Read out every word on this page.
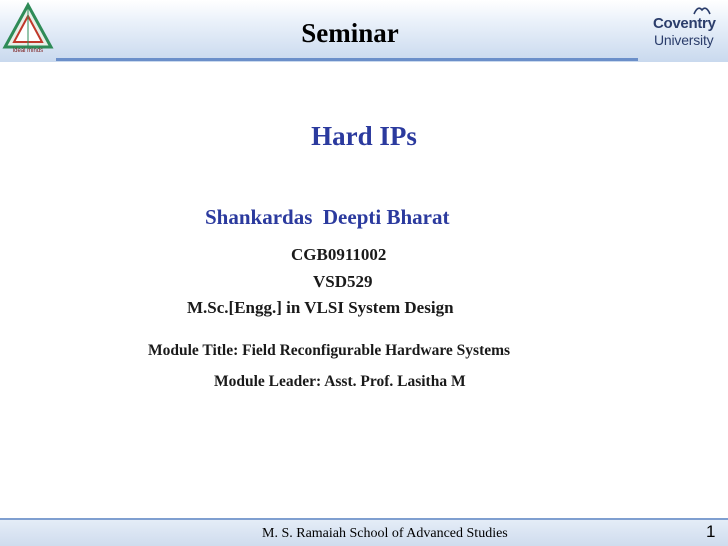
ideal minds
Seminar	Coventry
University
Hard IPs
Shankardas  Deepti Bharat
CGB0911002
VSD529
M.Sc.[Engg.] in VLSI System Design
Module Title: Field Reconfigurable Hardware Systems
Module Leader: Asst. Prof. Lasitha M
M. S. Ramaiah School of Advanced Studies	1
